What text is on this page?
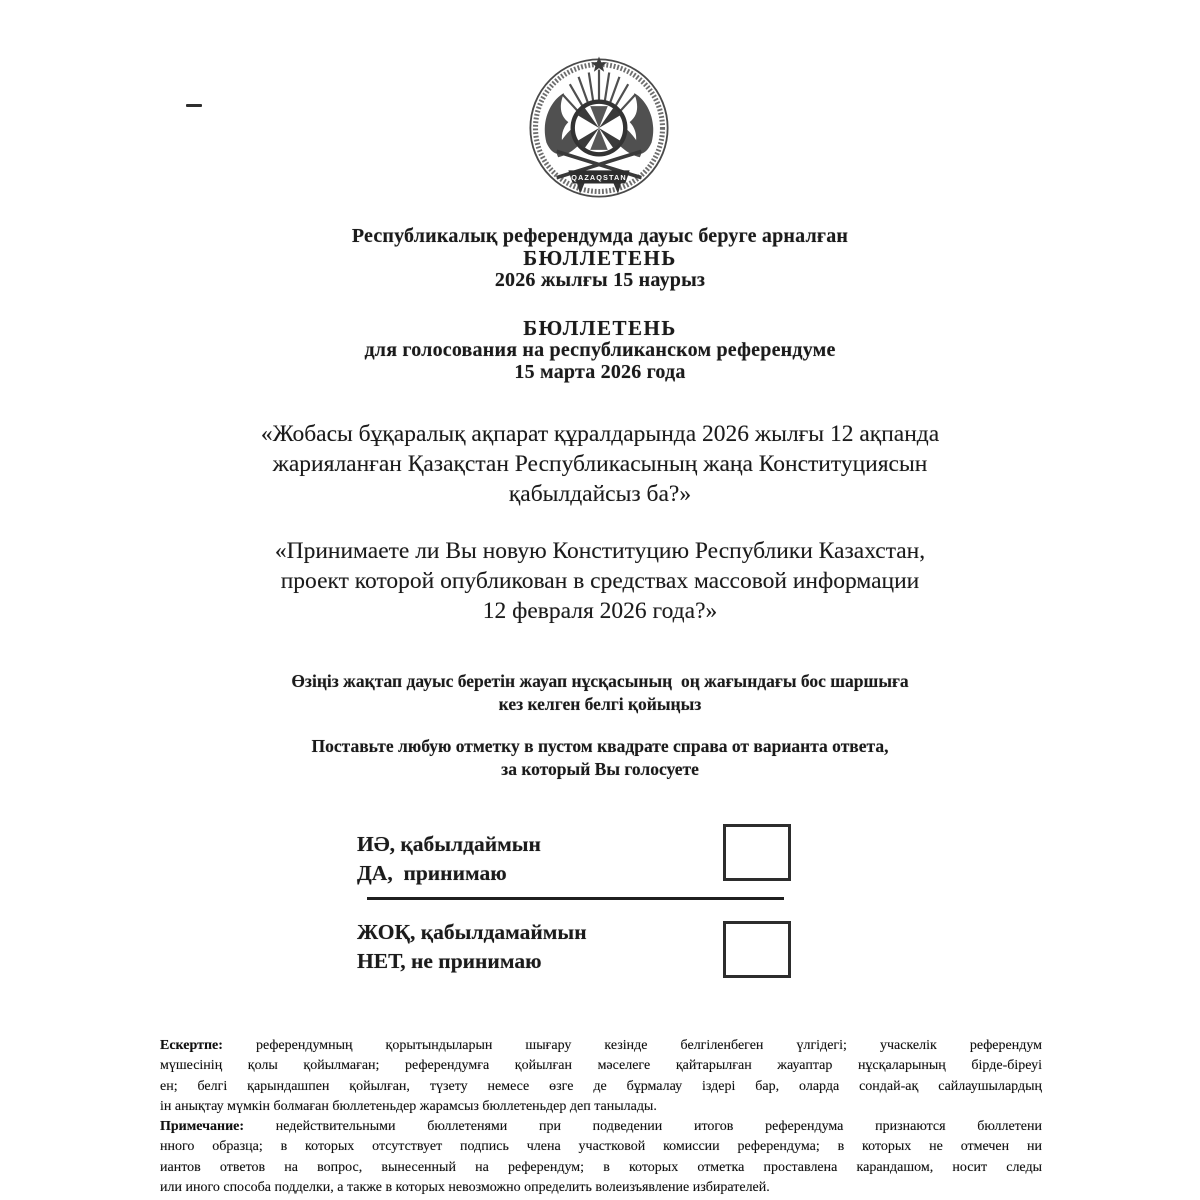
QAZAQSTAN
Республикалық референдумда дауыс беруге арналған
БЮЛЛЕТЕНЬ
2026 жылғы 15 наурыз
БЮЛЛЕТЕНЬ
для голосования на республиканском референдуме
15 марта 2026 года
«Жобасы бұқаралық ақпарат құралдарында 2026 жылғы 12 ақпанда
жарияланған Қазақстан Республикасының жаңа Конституциясын
қабылдайсыз ба?»
«Принимаете ли Вы новую Конституцию Республики Казахстан,
проект которой опубликован в средствах массовой информации
12 февраля 2026 года?»
Өзіңіз жақтап дауыс беретін жауап нұсқасының  оң жағындағы бос шаршыға
кез келген белгі қойыңыз
Поставьте любую отметку в пустом квадрате справа от варианта ответа,
за который Вы голосуете
ИӘ, қабылдаймын
ДА,  принимаю
ЖОҚ, қабылдамаймын
НЕТ, не принимаю
Ескертпе: референдумның қорытындыларын шығару кезінде белгіленбеген үлгідегі; учаскелік референдум
мүшесінің қолы қойылмаған; референдумға қойылған мәселеге қайтарылған жауаптар нұсқаларының бірде-біреуі
ен; белгі қарындашпен қойылған, түзету немесе өзге де бұрмалау іздері бар, оларда сондай-ақ сайлаушылардың
ін анықтау мүмкін болмаған бюллетеньдер жарамсыз бюллетеньдер деп танылады.
Примечание: недействительными бюллетенями при подведении итогов референдума признаются бюллетени
нного образца; в которых отсутствует подпись члена участковой комиссии референдума; в которых не отмечен ни
иантов ответов на вопрос, вынесенный на референдум; в которых отметка проставлена карандашом, носит следы
или иного способа подделки, а также в которых невозможно определить волеизъявление избирателей.
